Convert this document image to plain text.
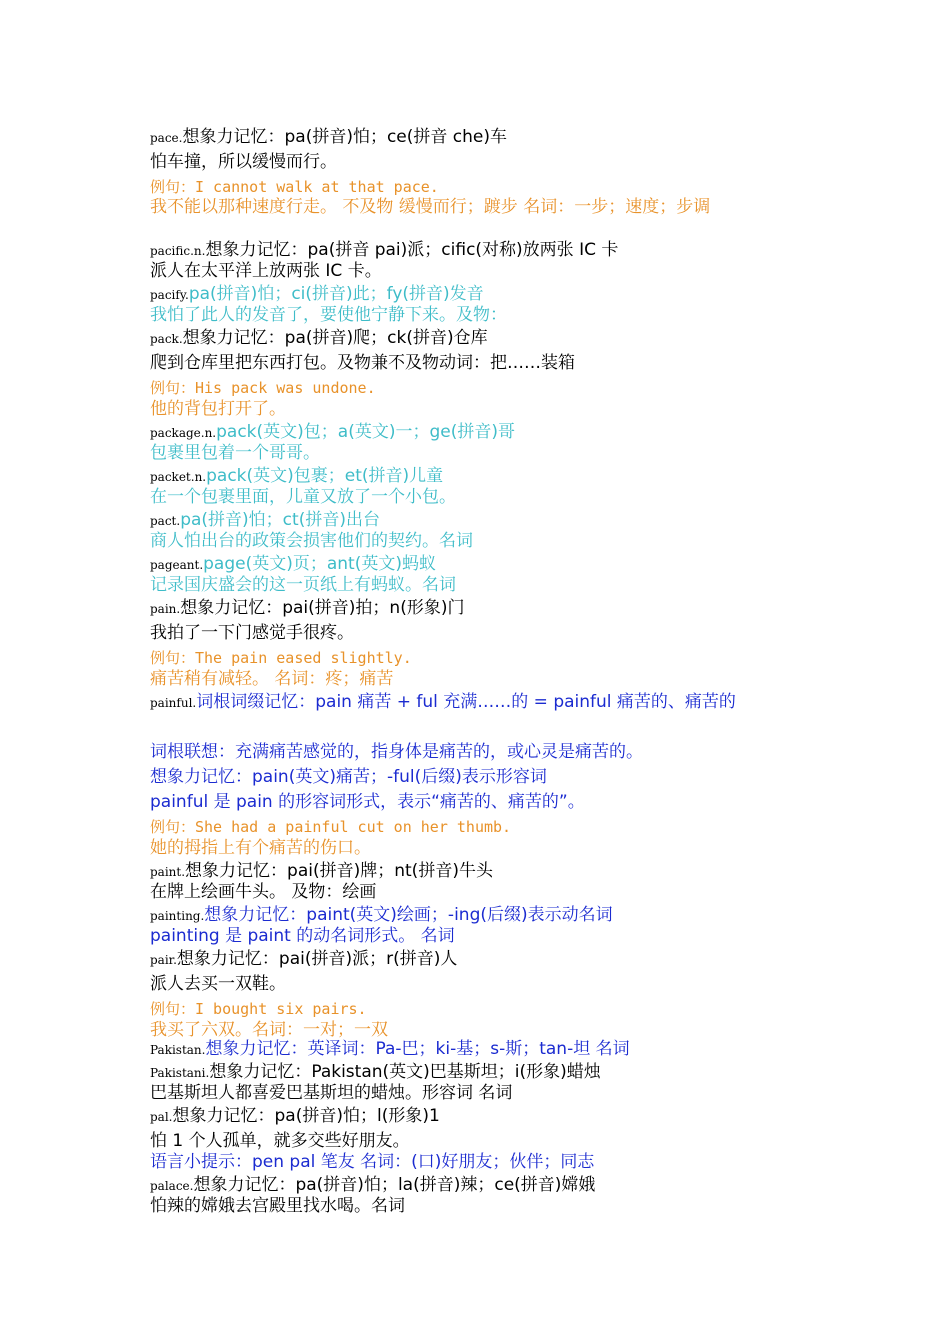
pace.想象力记忆：pa(拼音)怕；ce(拼音 che)车
怕车撞，所以缓慢而行。
例句：I cannot walk at that pace.
我不能以那种速度行走。 不及物 缓慢而行；踱步 名词：一步；速度；步调
pacific.n.想象力记忆：pa(拼音 pai)派；cific(对称)放两张 IC 卡
派人在太平洋上放两张 IC 卡。
pacify.pa(拼音)怕；ci(拼音)此；fy(拼音)发音
我怕了此人的发音了，要使他宁静下来。及物：
pack.想象力记忆：pa(拼音)爬；ck(拼音)仓库
爬到仓库里把东西打包。及物兼不及物动词：把……装箱
例句：His pack was undone.
他的背包打开了。
package.n.pack(英文)包；a(英文)一；ge(拼音)哥
包裹里包着一个哥哥。
packet.n.pack(英文)包裹；et(拼音)儿童
在一个包裹里面，儿童又放了一个小包。
pact.pa(拼音)怕；ct(拼音)出台
商人怕出台的政策会损害他们的契约。名词
pageant.page(英文)页；ant(英文)蚂蚁
记录国庆盛会的这一页纸上有蚂蚁。名词
pain.想象力记忆：pai(拼音)拍；n(形象)门
我拍了一下门感觉手很疼。
例句：The pain eased slightly.
痛苦稍有减轻。 名词：疼；痛苦
painful.词根词缀记忆：pain 痛苦 + ful 充满……的 = painful 痛苦的、痛苦的
词根联想：充满痛苦感觉的，指身体是痛苦的，或心灵是痛苦的。
想象力记忆：pain(英文)痛苦；-ful(后缀)表示形容词
painful 是 pain 的形容词形式，表示“痛苦的、痛苦的”。
例句：She had a painful cut on her thumb.
她的拇指上有个痛苦的伤口。
paint.想象力记忆：pai(拼音)牌；nt(拼音)牛头
在牌上绘画牛头。 及物：绘画
painting.想象力记忆：paint(英文)绘画；-ing(后缀)表示动名词
painting 是 paint 的动名词形式。 名词
pair.想象力记忆：pai(拼音)派；r(拼音)人
派人去买一双鞋。
例句：I bought six pairs.
我买了六双。名词：一对；一双
Pakistan.想象力记忆：英译词：Pa-巴；ki-基；s-斯；tan-坦 名词
Pakistani.想象力记忆：Pakistan(英文)巴基斯坦；i(形象)蜡烛
巴基斯坦人都喜爱巴基斯坦的蜡烛。形容词 名词
pal.想象力记忆：pa(拼音)怕；l(形象)1
怕 1 个人孤单，就多交些好朋友。
语言小提示：pen pal 笔友 名词：(口)好朋友；伙伴；同志
palace.想象力记忆：pa(拼音)怕；la(拼音)辣；ce(拼音)嫦娥
怕辣的嫦娥去宫殿里找水喝。名词
